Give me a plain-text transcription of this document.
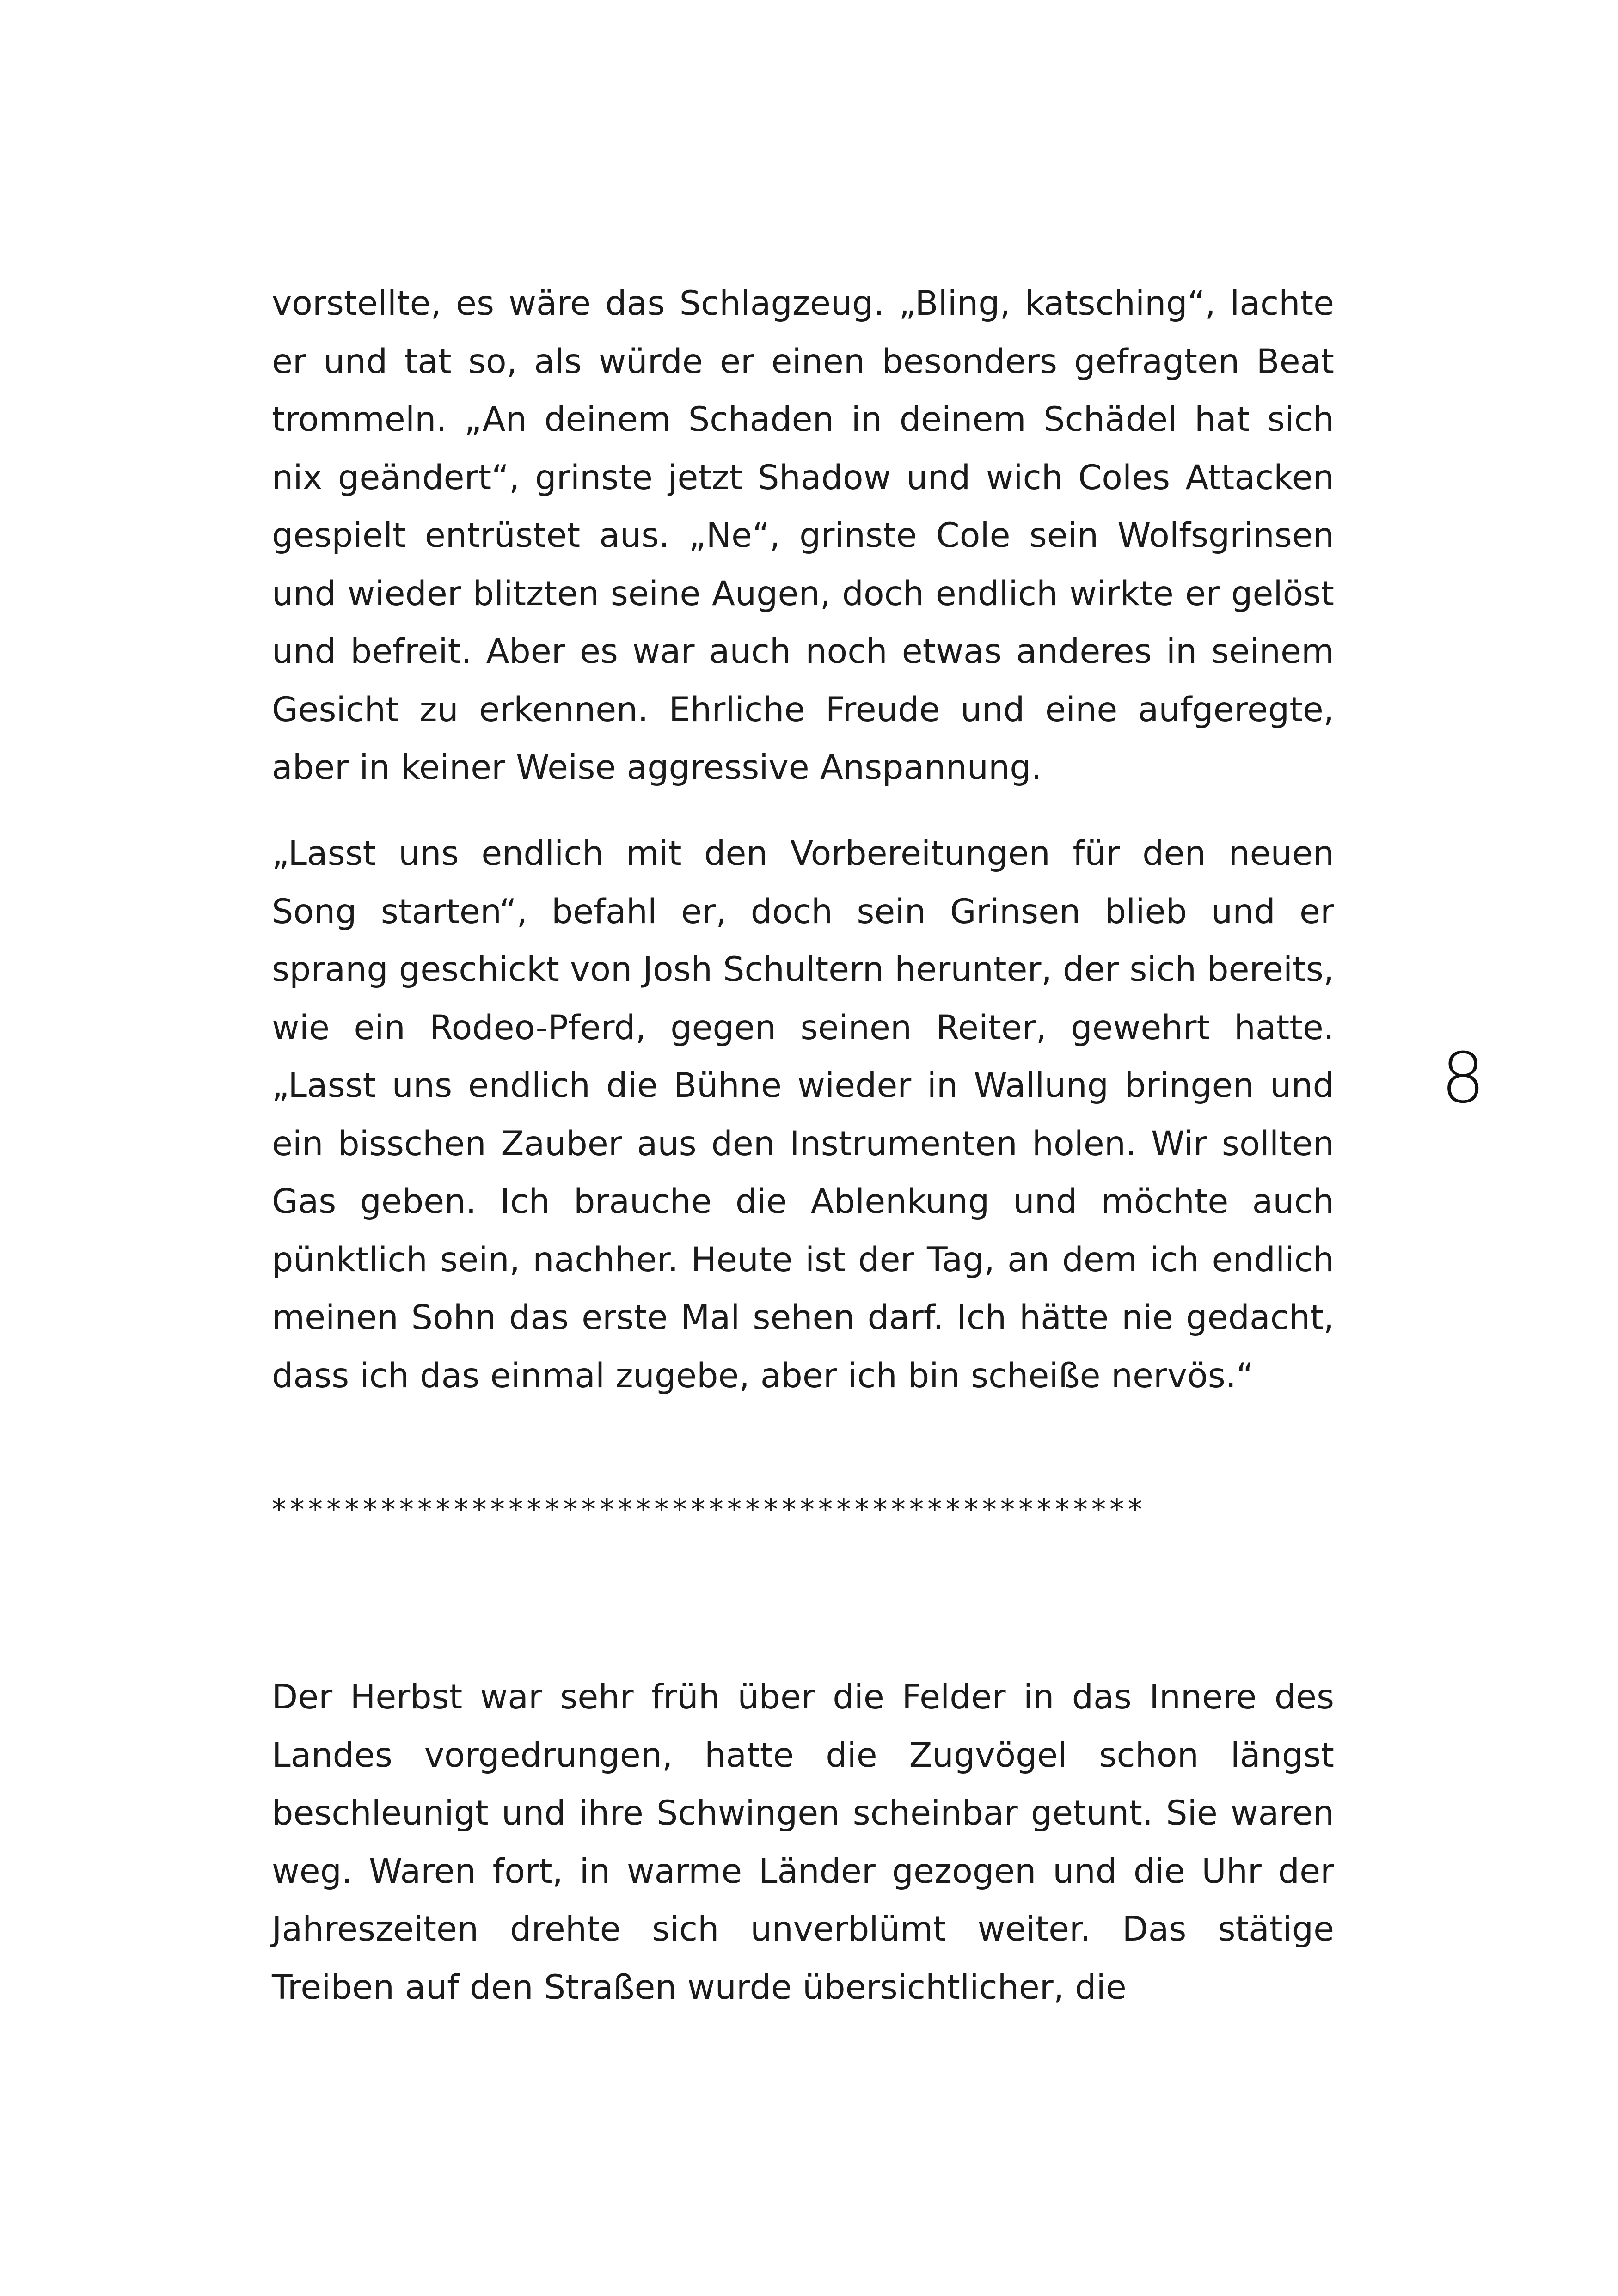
vorstellte, es wäre das Schlagzeug. „Bling, katsching“, lachte er und tat so, als würde er einen besonders gefragten Beat trommeln. „An deinem Schaden in deinem Schädel hat sich nix geändert“, grinste jetzt Shadow und wich Coles Attacken gespielt entrüstet aus. „Ne“, grinste Cole sein Wolfsgrinsen und wieder blitzten seine Augen, doch endlich wirkte er gelöst und befreit. Aber es war auch noch etwas anderes in seinem Gesicht zu erkennen. Ehrliche Freude und eine aufgeregte, aber in keiner Weise aggressive Anspannung.

„Lasst uns endlich mit den Vorbereitungen für den neuen Song starten“, befahl er, doch sein Grinsen blieb und er sprang geschickt von Josh Schultern herunter, der sich bereits, wie ein Rodeo-Pferd, gegen seinen Reiter, gewehrt hatte. „Lasst uns endlich die Bühne wieder in Wallung bringen und ein bisschen Zauber aus den Instrumenten holen. Wir sollten Gas geben. Ich brauche die Ablenkung und möchte auch pünktlich sein, nachher. Heute ist der Tag, an dem ich endlich meinen Sohn das erste Mal sehen darf. Ich hätte nie gedacht, dass ich das einmal zugebe, aber ich bin scheiße nervös.“

************************************************

Der Herbst war sehr früh über die Felder in das Innere des Landes vorgedrungen, hatte die Zugvögel schon längst beschleunigt und ihre Schwingen scheinbar getunt. Sie waren weg. Waren fort, in warme Länder gezogen und die Uhr der Jahreszeiten drehte sich unverblümt weiter. Das stätige Treiben auf den Straßen wurde übersichtlicher, die

8
